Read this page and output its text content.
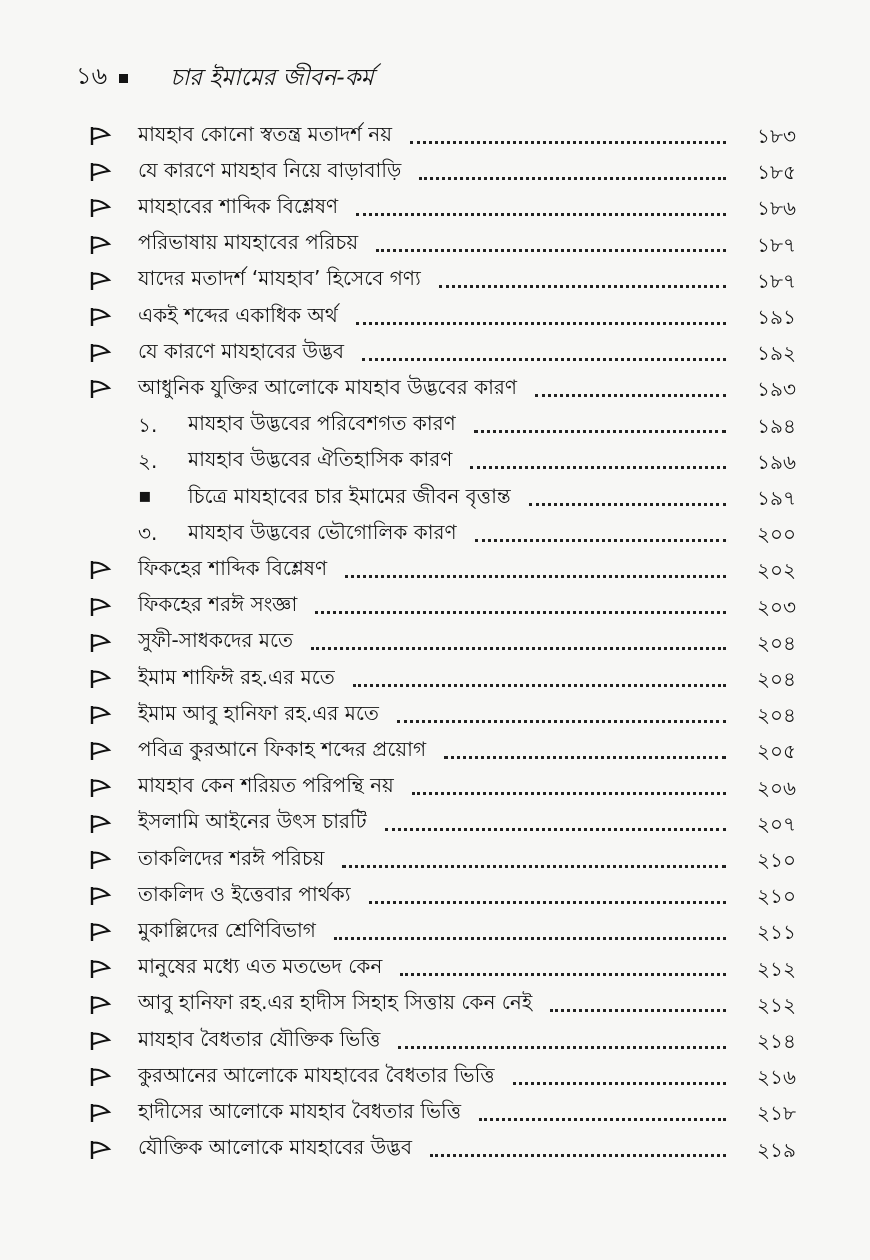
১৬	চার ইমামের জীবন-কর্ম
মাযহাব কোনো স্বতন্ত্র মতাদর্শ নয়	১৮৩
যে কারণে মাযহাব নিয়ে বাড়াবাড়ি	১৮৫
মাযহাবের শাব্দিক বিশ্লেষণ	১৮৬
পরিভাষায় মাযহাবের পরিচয়	১৮৭
যাদের মতাদর্শ ‘মাযহাব’ হিসেবে গণ্য	১৮৭
একই শব্দের একাধিক অর্থ	১৯১
যে কারণে মাযহাবের উদ্ভব	১৯২
আধুনিক যুক্তির আলোকে মাযহাব উদ্ভবের কারণ	১৯৩
১.	মাযহাব উদ্ভবের পরিবেশগত কারণ	১৯৪
২.	মাযহাব উদ্ভবের ঐতিহাসিক কারণ	১৯৬
▪	চিত্রে মাযহাবের চার ইমামের জীবন বৃত্তান্ত	১৯৭
৩.	মাযহাব উদ্ভবের ভৌগোলিক কারণ	২০০
ফিকহের শাব্দিক বিশ্লেষণ	২০২
ফিকহের শরঈ সংজ্ঞা	২০৩
সুফী-সাধকদের মতে	২০৪
ইমাম শাফিঈ রহ.এর মতে	২০৪
ইমাম আবু হানিফা রহ.এর মতে	২০৪
পবিত্র কুরআনে ফিকাহ শব্দের প্রয়োগ	২০৫
মাযহাব কেন শরিয়ত পরিপন্থি নয়	২০৬
ইসলামি আইনের উৎস চারটি	২০৭
তাকলিদের শরঈ পরিচয়	২১০
তাকলিদ ও ইত্তেবার পার্থক্য	২১০
মুকাল্লিদের শ্রেণিবিভাগ	২১১
মানুষের মধ্যে এত মতভেদ কেন	২১২
আবু হানিফা রহ.এর হাদীস সিহাহ সিত্তায় কেন নেই	২১২
মাযহাব বৈধতার যৌক্তিক ভিত্তি	২১৪
কুরআনের আলোকে মাযহাবের বৈধতার ভিত্তি	২১৬
হাদীসের আলোকে মাযহাব বৈধতার ভিত্তি	২১৮
যৌক্তিক আলোকে মাযহাবের উদ্ভব	২১৯
